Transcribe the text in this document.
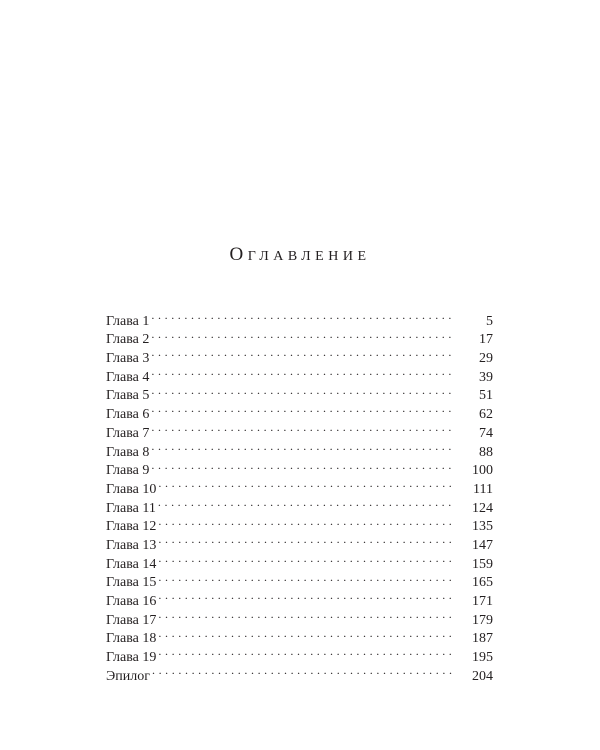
ОГЛАВЛЕНИЕ
Глава 1 . . .	5
Глава 2 . . .	17
Глава 3 . . .	29
Глава 4 . . .	39
Глава 5 . . .	51
Глава 6 . . .	62
Глава 7 . . .	74
Глава 8 . . .	88
Глава 9 . . .	100
Глава 10 . . .	111
Глава 11 . . .	124
Глава 12 . . .	135
Глава 13 . . .	147
Глава 14 . . .	159
Глава 15 . . .	165
Глава 16 . . .	171
Глава 17 . . .	179
Глава 18 . . .	187
Глава 19 . . .	195
Эпилог . . .	204
